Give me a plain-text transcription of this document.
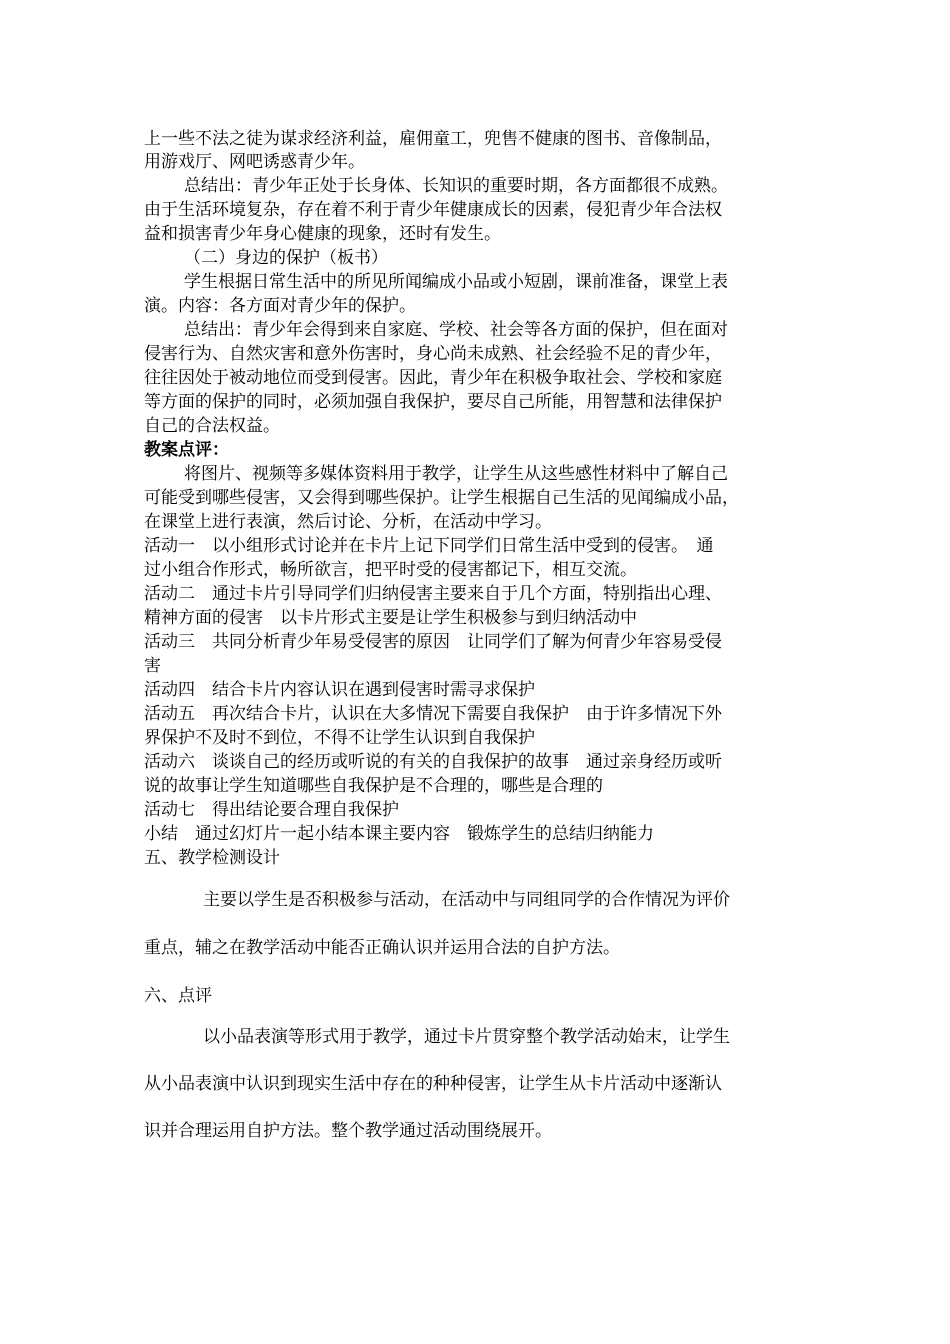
上一些不法之徒为谋求经济利益，雇佣童工，兜售不健康的图书、音像制品，
用游戏厅、网吧诱惑青少年。
总结出：青少年正处于长身体、长知识的重要时期，各方面都很不成熟。
由于生活环境复杂，存在着不利于青少年健康成长的因素，侵犯青少年合法权
益和损害青少年身心健康的现象，还时有发生。
（二）身边的保护（板书）
学生根据日常生活中的所见所闻编成小品或小短剧，课前准备，课堂上表
演。内容：各方面对青少年的保护。
总结出：青少年会得到来自家庭、学校、社会等各方面的保护，但在面对
侵害行为、自然灾害和意外伤害时，身心尚未成熟、社会经验不足的青少年，
往往因处于被动地位而受到侵害。因此，青少年在积极争取社会、学校和家庭
等方面的保护的同时，必须加强自我保护，要尽自己所能，用智慧和法律保护
自己的合法权益。
教案点评：
将图片、视频等多媒体资料用于教学，让学生从这些感性材料中了解自己
可能受到哪些侵害，又会得到哪些保护。让学生根据自己生活的见闻编成小品，
在课堂上进行表演，然后讨论、分析，在活动中学习。
活动一　以小组形式讨论并在卡片上记下同学们日常生活中受到的侵害。　通
过小组合作形式，畅所欲言，把平时受的侵害都记下，相互交流。
活动二　通过卡片引导同学们归纳侵害主要来自于几个方面，特别指出心理、
精神方面的侵害　以卡片形式主要是让学生积极参与到归纳活动中
活动三　共同分析青少年易受侵害的原因　让同学们了解为何青少年容易受侵
害
活动四　结合卡片内容认识在遇到侵害时需寻求保护
活动五　再次结合卡片，认识在大多情况下需要自我保护　由于许多情况下外
界保护不及时不到位，不得不让学生认识到自我保护
活动六　谈谈自己的经历或听说的有关的自我保护的故事　通过亲身经历或听
说的故事让学生知道哪些自我保护是不合理的，哪些是合理的
活动七　得出结论要合理自我保护
小结　通过幻灯片一起小结本课主要内容　锻炼学生的总结归纳能力
五、教学检测设计
主要以学生是否积极参与活动，在活动中与同组同学的合作情况为评价
重点，辅之在教学活动中能否正确认识并运用合法的自护方法。
六、点评
以小品表演等形式用于教学，通过卡片贯穿整个教学活动始末，让学生
从小品表演中认识到现实生活中存在的种种侵害，让学生从卡片活动中逐渐认
识并合理运用自护方法。整个教学通过活动围绕展开。
